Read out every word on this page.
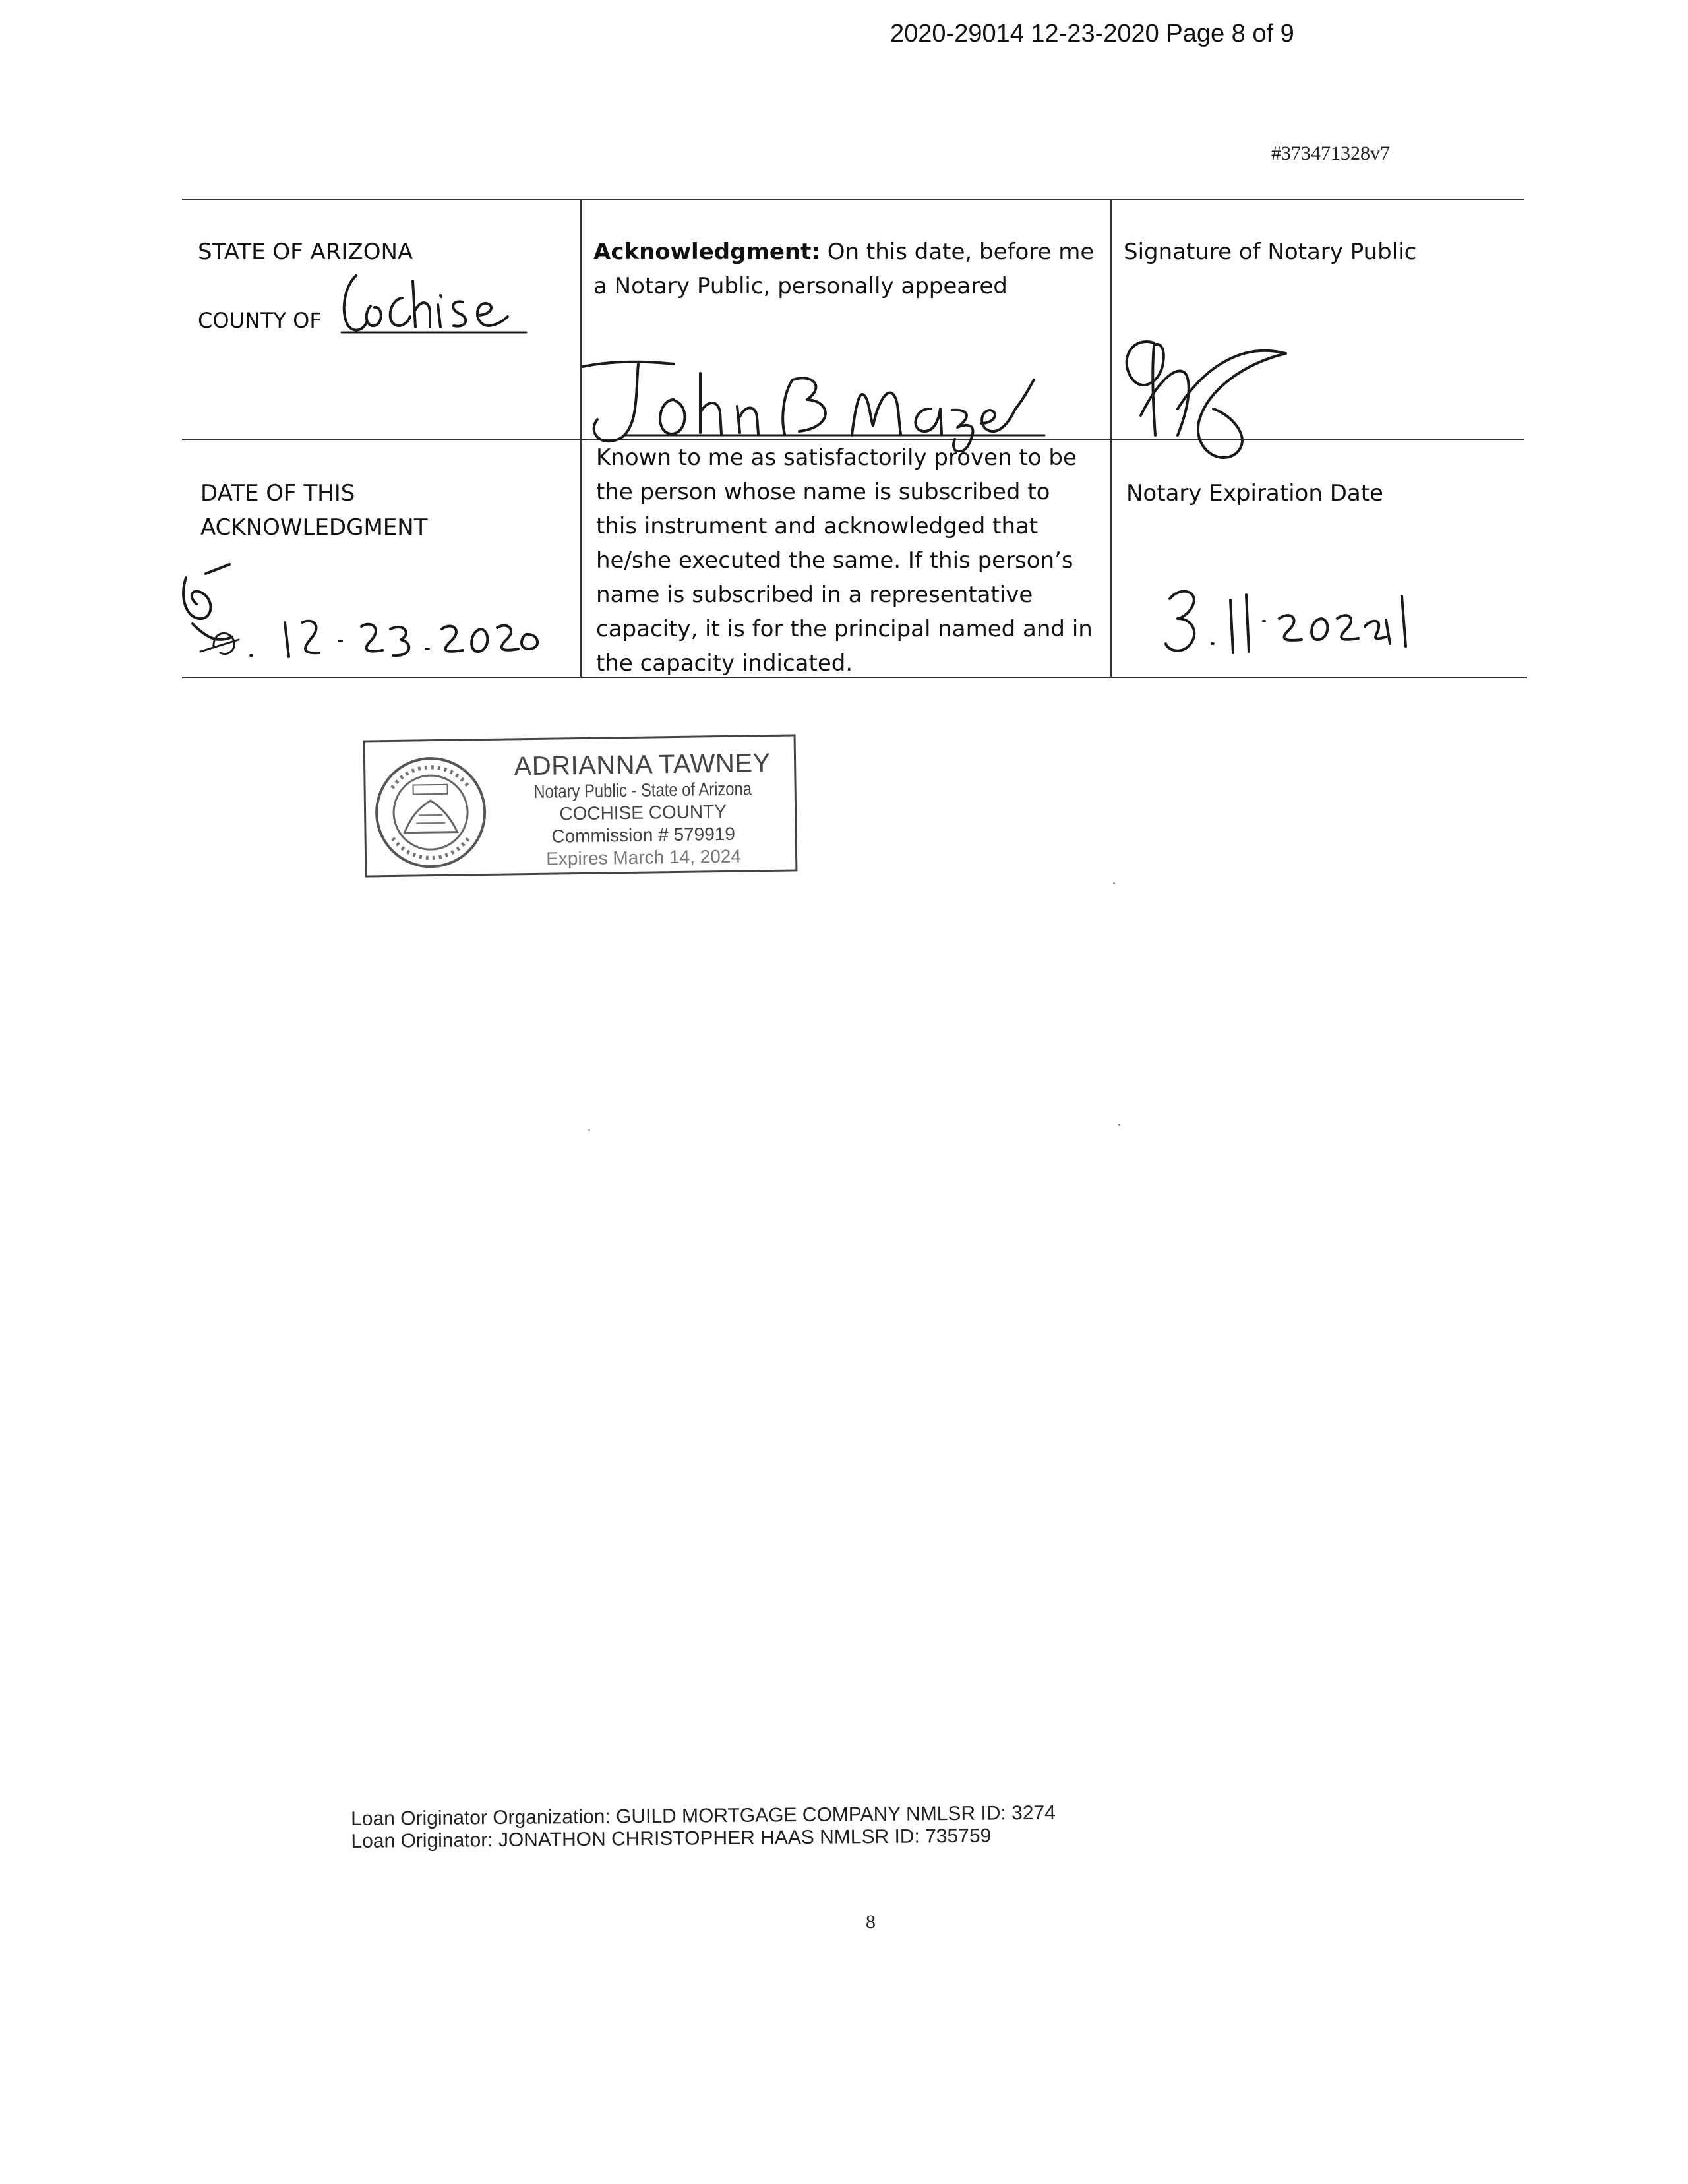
2020-29014 12-23-2020 Page 8 of 9
#373471328v7
STATE OF ARIZONA
COUNTY OF
Acknowledgment: On this date, before me
a Notary Public, personally appeared
Known to me as satisfactorily proven to be
the person whose name is subscribed to
this instrument and acknowledged that
he/she executed the same. If this person’s
name is subscribed in a representative
capacity, it is for the principal named and in
the capacity indicated.
Signature of Notary Public
DATE OF THIS
ACKNOWLEDGMENT
Notary Expiration Date
ADRIANNA TAWNEY
Notary Public - State of Arizona
COCHISE COUNTY
Commission # 579919
Expires March 14, 2024
Loan Originator Organization: GUILD MORTGAGE COMPANY NMLSR ID: 3274
Loan Originator: JONATHON CHRISTOPHER HAAS NMLSR ID: 735759
8
